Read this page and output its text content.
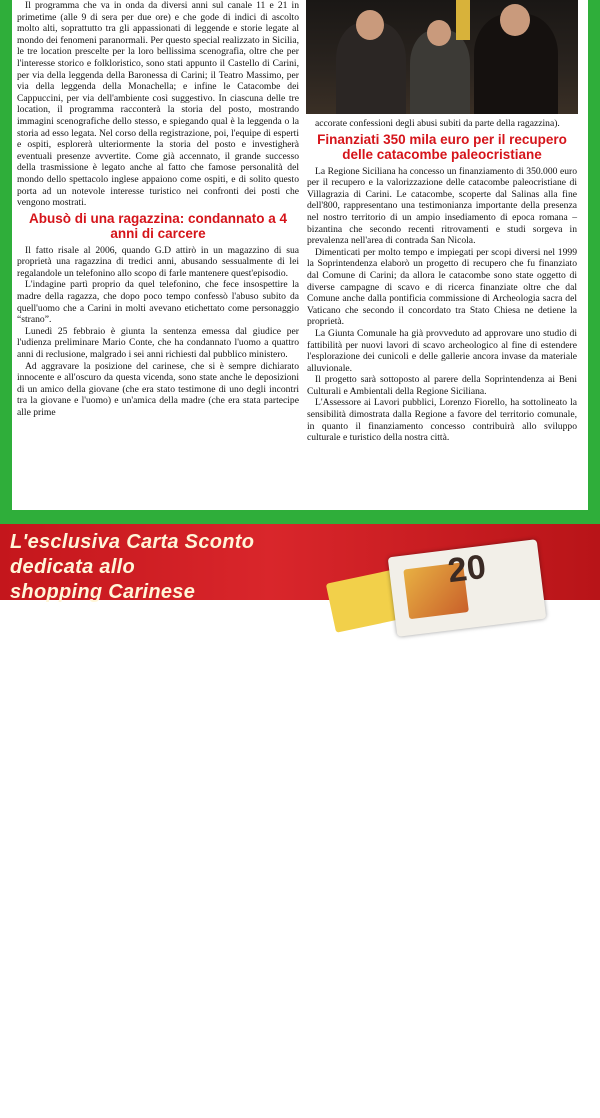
Il programma che va in onda da diversi anni sul canale 11 e 21 in primetime (alle 9 di sera per due ore) e che gode di indici di ascolto molto alti, soprattutto tra gli appassionati di leggende e storie legate al mondo dei fenomeni paranormali. Per questo special realizzato in Sicilia, le tre location prescelte per la loro bellissima scenografia, oltre che per l'interesse storico e folkloristico, sono stati appunto il Castello di Carini, per via della leggenda della Baronessa di Carini; il Teatro Massimo, per via della leggenda della Monachella; e infine le Catacombe dei Cappuccini, per via dell'ambiente così suggestivo. In ciascuna delle tre location, il programma racconterà la storia del posto, mostrando immagini scenografiche dello stesso, e spiegando qual è la leggenda o la storia ad esso legata. Nel corso della registrazione, poi, l'equipe di esperti e ospiti, esplorerà ulteriormente la storia del posto e investigherà eventuali presenze avvertite. Come già accennato, il grande successo della trasmissione è legato anche al fatto che famose personalità del mondo dello spettacolo inglese appaiono come ospiti, e di solito questo porta ad un notevole interesse turistico nei confronti dei posti che vengono mostrati.

Abusò di una ragazzina: condannato a 4 anni di carcere

Il fatto risale al 2006, quando G.D attirò in un magazzino di sua proprietà una ragazzina di tredici anni, abusando sessualmente di lei regalandole un telefonino allo scopo di farle mantenere quest'episodio.

L'indagine partì proprio da quel telefonino, che fece insospettire la madre della ragazza, che dopo poco tempo confessò l'abuso subito da quell'uomo che a Carini in molti avevano etichettato come personaggio “strano”.

Lunedì 25 febbraio è giunta la sentenza emessa dal giudice per l'udienza preliminare Mario Conte, che ha condannato l'uomo a quattro anni di reclusione, malgrado i sei anni richiesti dal pubblico ministero.

Ad aggravare la posizione del carinese, che si è sempre dichiarato innocente e all'oscuro da questa vicenda, sono state anche le deposizioni di un amico della giovane (che era stato testimone di uno degli incontri tra la giovane e l'uomo) e un'amica della madre (che era stata partecipe alle prime

accorate confessioni degli abusi subiti da parte della ragazzina).

Finanziati 350 mila euro per il recupero delle catacombe paleocristiane

La Regione Siciliana ha concesso un finanziamento di 350.000 euro per il recupero e la valorizzazione delle catacombe paleocristiane di Villagrazia di Carini. Le catacombe, scoperte dal Salinas alla fine dell'800, rappresentano una testimonianza importante della presenza nel nostro territorio di un ampio insediamento di epoca romana – bizantina che secondo recenti ritrovamenti e studi sorgeva in prevalenza nell'area di contrada San Nicola.

Dimenticati per molto tempo e impiegati per scopi diversi nel 1999 la Soprintendenza elaborò un progetto di recupero che fu finanziato dal Comune di Carini; da allora le catacombe sono state oggetto di diverse campagne di scavo e di ricerca finanziate oltre che dal Comune anche dalla pontificia commissione di Archeologia sacra del Vaticano che secondo il concordato tra Stato Chiesa ne detiene la proprietà.

La Giunta Comunale ha già provveduto ad approvare uno studio di fattibilità per nuovi lavori di scavo archeologico al fine di estendere l'esplorazione dei cunicoli e delle gallerie ancora invase da materiale alluvionale.

Il progetto sarà sottoposto al parere della Soprintendenza ai Beni Culturali e Ambientali della Regione Siciliana.

L'Assessore ai Lavori pubblici, Lorenzo Fiorello, ha sottolineato la sensibilità dimostrata dalla Regione a favore del territorio comunale, in quanto il finanziamento concesso contribuirà allo sviluppo culturale e turistico della nostra città.

L'esclusiva Carta Sconto
dedicata allo
shopping Carinese
20
Media Carini
